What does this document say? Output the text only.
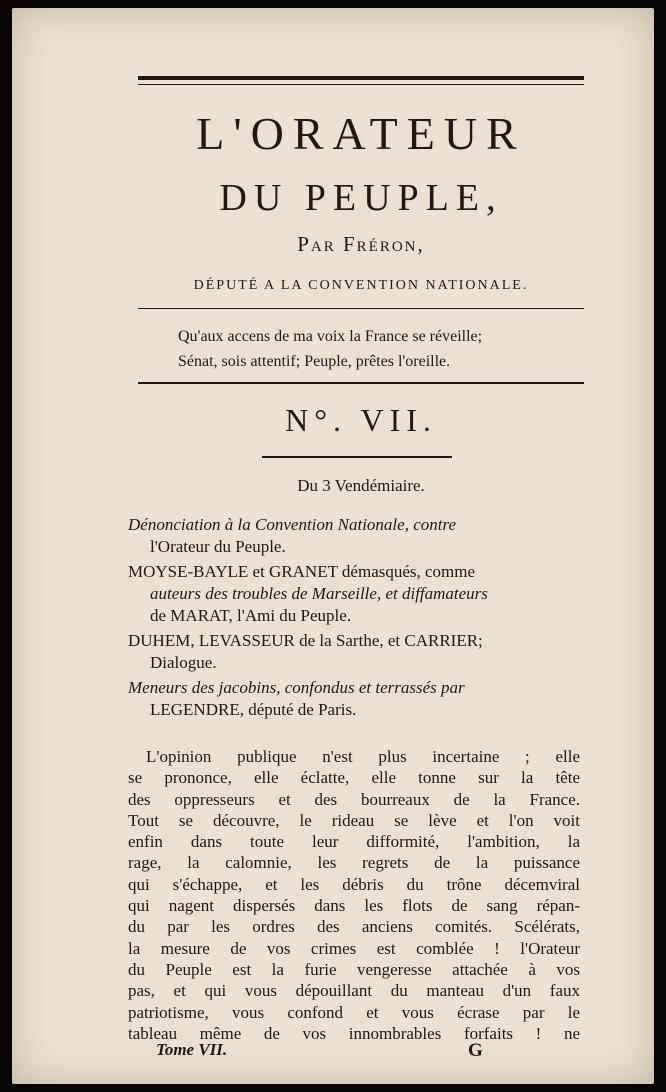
L'ORATEUR
DU PEUPLE,
Par Fréron,
DÉPUTÉ A LA CONVENTION NATIONALE.
Qu'aux accens de ma voix la France se réveille;
Sénat, sois attentif; Peuple, prêtes l'oreille.
N°. VII.
Du 3 Vendémiaire.
Dénonciation à la Convention Nationale, contre
l'Orateur du Peuple.
MOYSE-BAYLE et GRANET démasqués, comme
auteurs des troubles de Marseille, et diffamateurs
de MARAT, l'Ami du Peuple.
DUHEM, LEVASSEUR de la Sarthe, et CARRIER;
Dialogue.
Meneurs des jacobins, confondus et terrassés par
LEGENDRE, député de Paris.
L'opinion publique n'est plus incertaine ; elle
se prononce, elle éclatte, elle tonne sur la tête
des oppresseurs et des bourreaux de la France.
Tout se découvre, le rideau se lève et l'on voit
enfin dans toute leur difformité, l'ambition, la
rage, la calomnie, les regrets de la puissance
qui s'échappe, et les débris du trône décemviral
qui nagent dispersés dans les flots de sang répan-
du par les ordres des anciens comités. Scélérats,
la mesure de vos crimes est comblée ! l'Orateur
du Peuple est la furie vengeresse attachée à vos
pas, et qui vous dépouillant du manteau d'un faux
patriotisme, vous confond et vous écrase par le
tableau même de vos innombrables forfaits ! ne
Tome VII.	G
